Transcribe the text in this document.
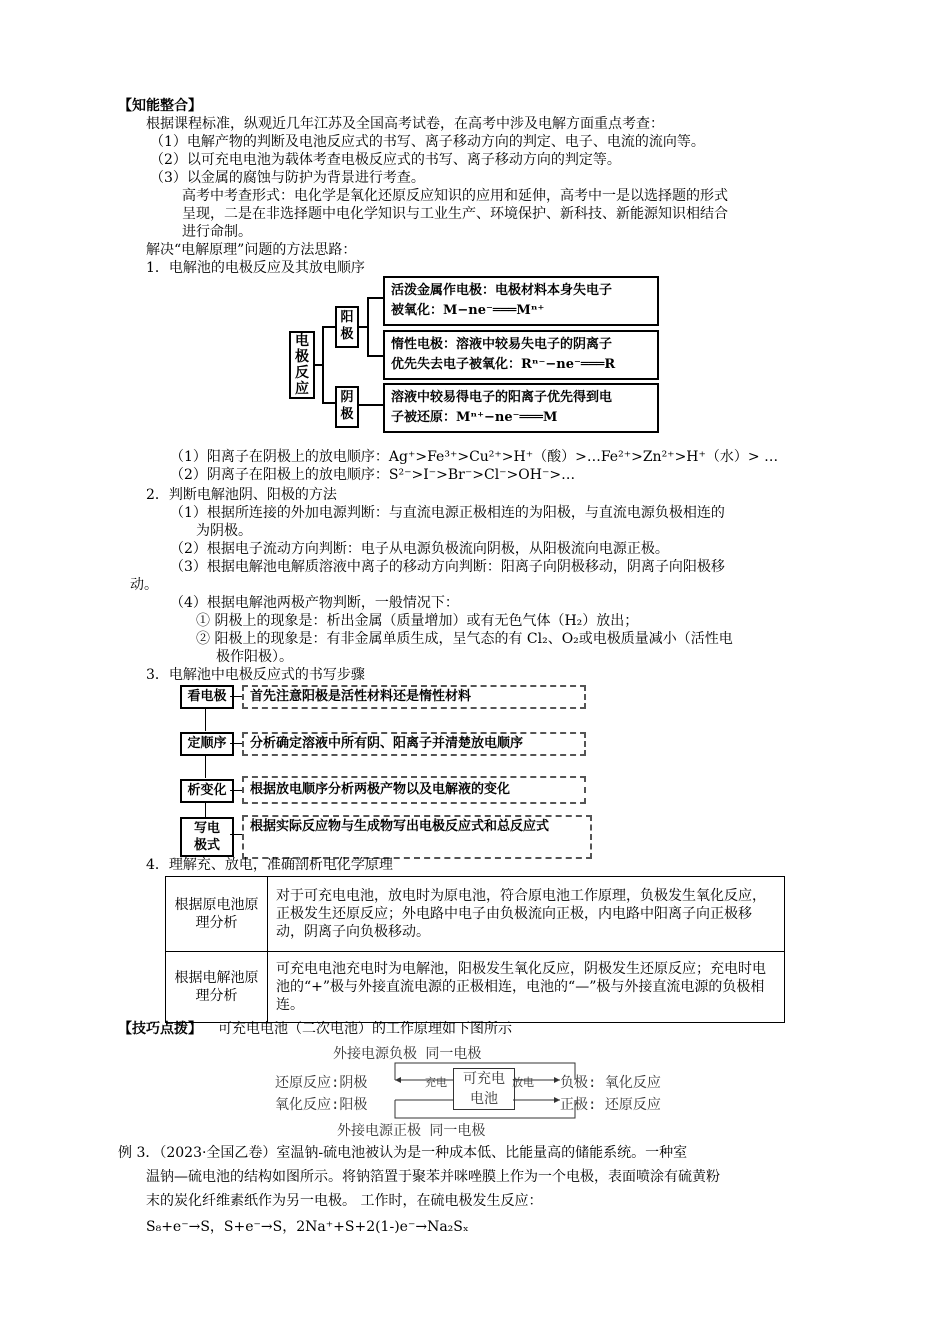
【知能整合】
根据课程标准，纵观近几年江苏及全国高考试卷，在高考中涉及电解方面重点考查：
（1）电解产物的判断及电池反应式的书写、离子移动方向的判定、电子、电流的流向等。
（2）以可充电电池为载体考查电极反应式的书写、离子移动方向的判定等。
（3）以金属的腐蚀与防护为背景进行考查。
高考中考查形式：电化学是氧化还原反应知识的应用和延伸，高考中一是以选择题的形式
呈现，二是在非选择题中电化学知识与工业生产、环境保护、新科技、新能源知识相结合
进行命制。
解决“电解原理”问题的方法思路：
1．电解池的电极反应及其放电顺序
电极反应
阳极
阴极
活泼金属作电极：电极材料本身失电子
被氧化：M−ne⁻═══Mⁿ⁺
惰性电极：溶液中较易失电子的阴离子
优先失去电子被氧化：Rⁿ⁻−ne⁻═══R
溶液中较易得电子的阳离子优先得到电
子被还原：Mⁿ⁺−ne⁻═══M
（1）阳离子在阴极上的放电顺序：Ag⁺>Fe³⁺>Cu²⁺>H⁺（酸）>…Fe²⁺>Zn²⁺>H⁺（水）> …
（2）阴离子在阳极上的放电顺序：S²⁻>I⁻>Br⁻>Cl⁻>OH⁻>…
2．判断电解池阴、阳极的方法
（1）根据所连接的外加电源判断：与直流电源正极相连的为阳极，与直流电源负极相连的
为阴极。
（2）根据电子流动方向判断：电子从电源负极流向阴极，从阳极流向电源正极。
（3）根据电解池电解质溶液中离子的移动方向判断：阳离子向阴极移动，阴离子向阳极移
动。
（4）根据电解池两极产物判断，一般情况下：
① 阴极上的现象是：析出金属（质量增加）或有无色气体（H₂）放出；
② 阳极上的现象是：有非金属单质生成，呈气态的有 Cl₂、O₂或电极质量减小（活性电
极作阳极）。
3．电解池中电极反应式的书写步骤
看电极	首先注意阳极是活性材料还是惰性材料
定顺序	分析确定溶液中所有阴、阳离子并清楚放电顺序
析变化	根据放电顺序分析两极产物以及电解液的变化
写电极式
根据实际反应物与生成物写出电极反应式和总反应式
4．理解充、放电，准确剖析电化学原理
根据原电池原理分析	对于可充电电池，放电时为原电池，符合原电池工作原理，负极发生氧化反应，正极发生还原反应；外电路中电子由负极流向正极，内电路中阳离子向正极移动，阴离子向负极移动。
根据电解池原理分析	可充电电池充电时为电解池，阳极发生氧化反应，阴极发生还原反应；充电时电池的“+”极与外接直流电源的正极相连，电池的“—”极与外接直流电源的负极相连。
【技巧点拨】 可充电电池（二次电池）的工作原理如下图所示
外接电源负极 同一电极
还原反应:阴极
氧化反应:阳极
充电	可充电
电池
放电 负极: 氧化反应
正极: 还原反应
外接电源正极 同一电极
例 3．（2023·全国乙卷）室温钠-硫电池被认为是一种成本低、比能量高的储能系统。一种室
温钠—硫电池的结构如图所示。将钠箔置于聚苯并咪唑膜上作为一个电极，表面喷涂有硫黄粉
末的炭化纤维素纸作为另一电极。 工作时，在硫电极发生反应：
S₈+e⁻→S，S+e⁻→S，2Na⁺+S+2(1-)e⁻→Na₂Sₓ
